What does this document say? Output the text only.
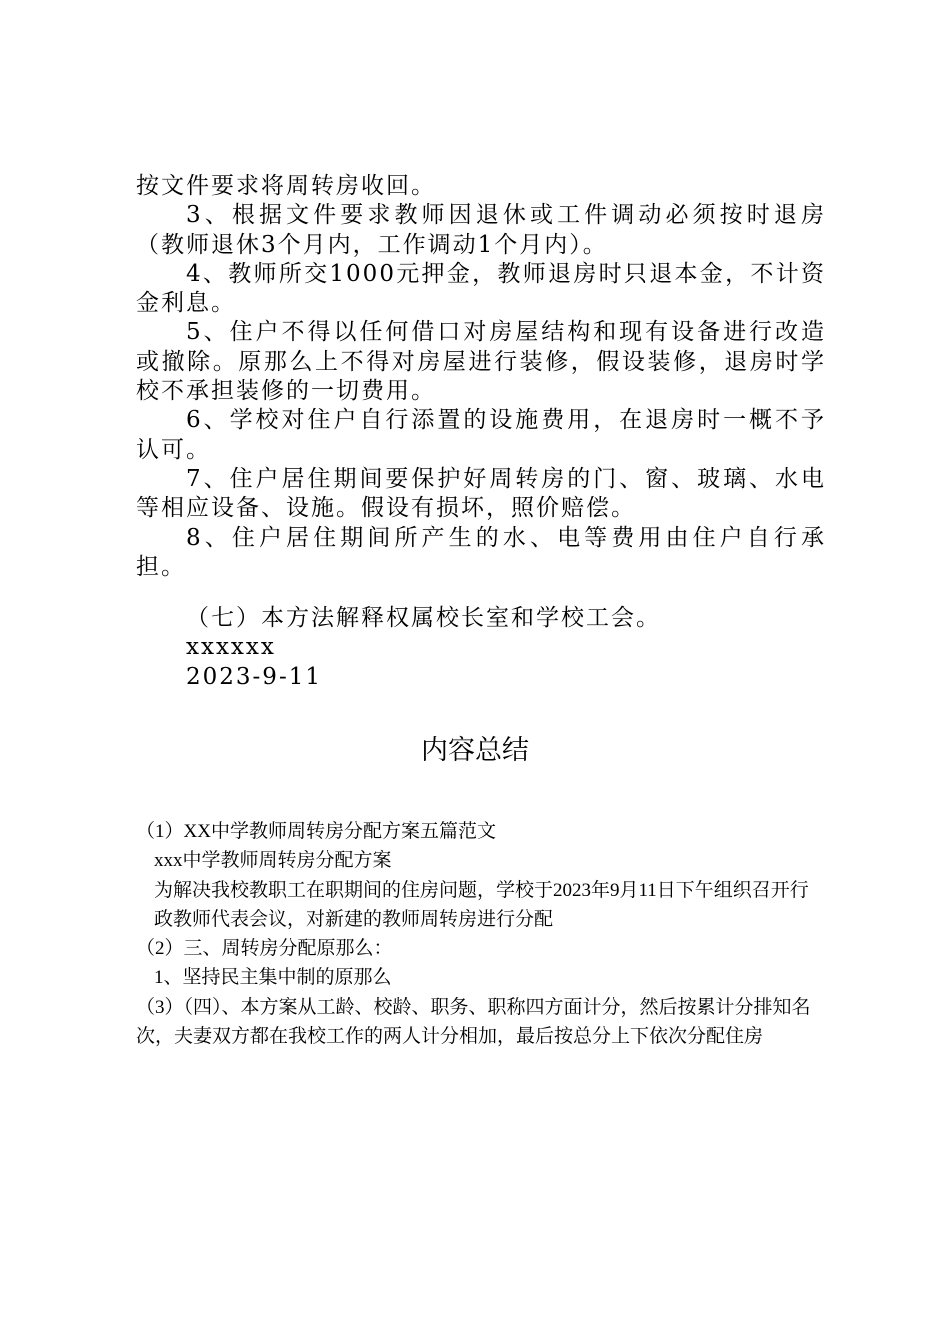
按文件要求将周转房收回。

3、根据文件要求教师因退休或工件调动必须按时退房（教师退休3个月内，工作调动1个月内）。

4、教师所交1000元押金，教师退房时只退本金，不计资金利息。

5、住户不得以任何借口对房屋结构和现有设备进行改造或撤除。原那么上不得对房屋进行装修，假设装修，退房时学校不承担装修的一切费用。

6、学校对住户自行添置的设施费用，在退房时一概不予认可。

7、住户居住期间要保护好周转房的门、窗、玻璃、水电等相应设备、设施。假设有损坏，照价赔偿。

8、住户居住期间所产生的水、电等费用由住户自行承担。

（七）本方法解释权属校长室和学校工会。

xxxxxx

2023-9-11

内容总结

（1）XX中学教师周转房分配方案五篇范文

xxx中学教师周转房分配方案

为解决我校教职工在职期间的住房问题，学校于2023年9月11日下午组织召开行政教师代表会议，对新建的教师周转房进行分配

（2）三、周转房分配原那么：

1、坚持民主集中制的原那么

（3）（四）、本方案从工龄、校龄、职务、职称四方面计分，然后按累计分排知名次，夫妻双方都在我校工作的两人计分相加，最后按总分上下依次分配住房
